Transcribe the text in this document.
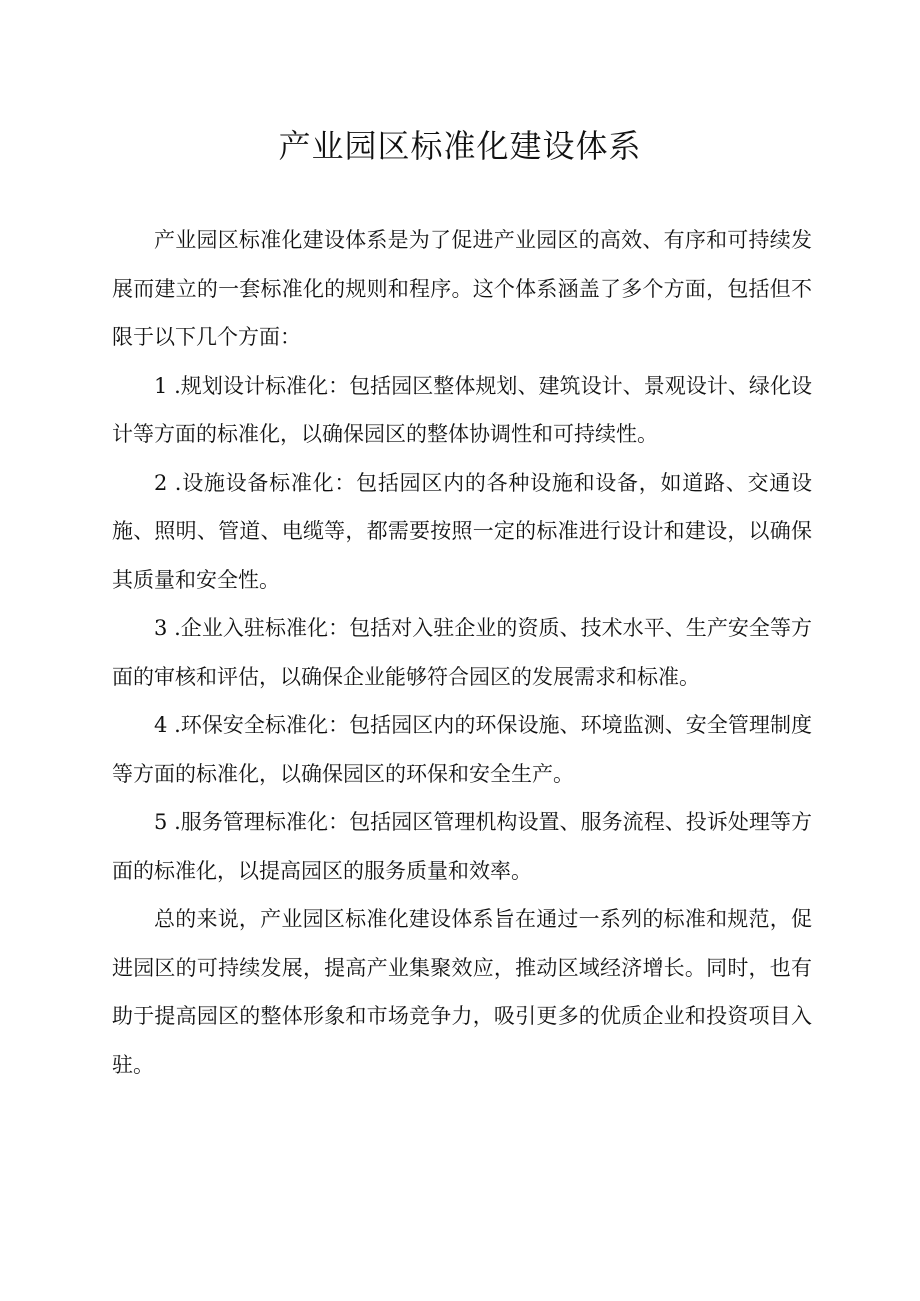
产业园区标准化建设体系

产业园区标准化建设体系是为了促进产业园区的高效、有序和可持续发展而建立的一套标准化的规则和程序。这个体系涵盖了多个方面，包括但不限于以下几个方面：

1 .规划设计标准化：包括园区整体规划、建筑设计、景观设计、绿化设计等方面的标准化，以确保园区的整体协调性和可持续性。

2 .设施设备标准化：包括园区内的各种设施和设备，如道路、交通设施、照明、管道、电缆等，都需要按照一定的标准进行设计和建设，以确保其质量和安全性。

3 .企业入驻标准化：包括对入驻企业的资质、技术水平、生产安全等方面的审核和评估，以确保企业能够符合园区的发展需求和标准。

4 .环保安全标准化：包括园区内的环保设施、环境监测、安全管理制度等方面的标准化，以确保园区的环保和安全生产。

5 .服务管理标准化：包括园区管理机构设置、服务流程、投诉处理等方面的标准化，以提高园区的服务质量和效率。

总的来说，产业园区标准化建设体系旨在通过一系列的标准和规范，促进园区的可持续发展，提高产业集聚效应，推动区域经济增长。同时，也有助于提高园区的整体形象和市场竞争力，吸引更多的优质企业和投资项目入驻。
